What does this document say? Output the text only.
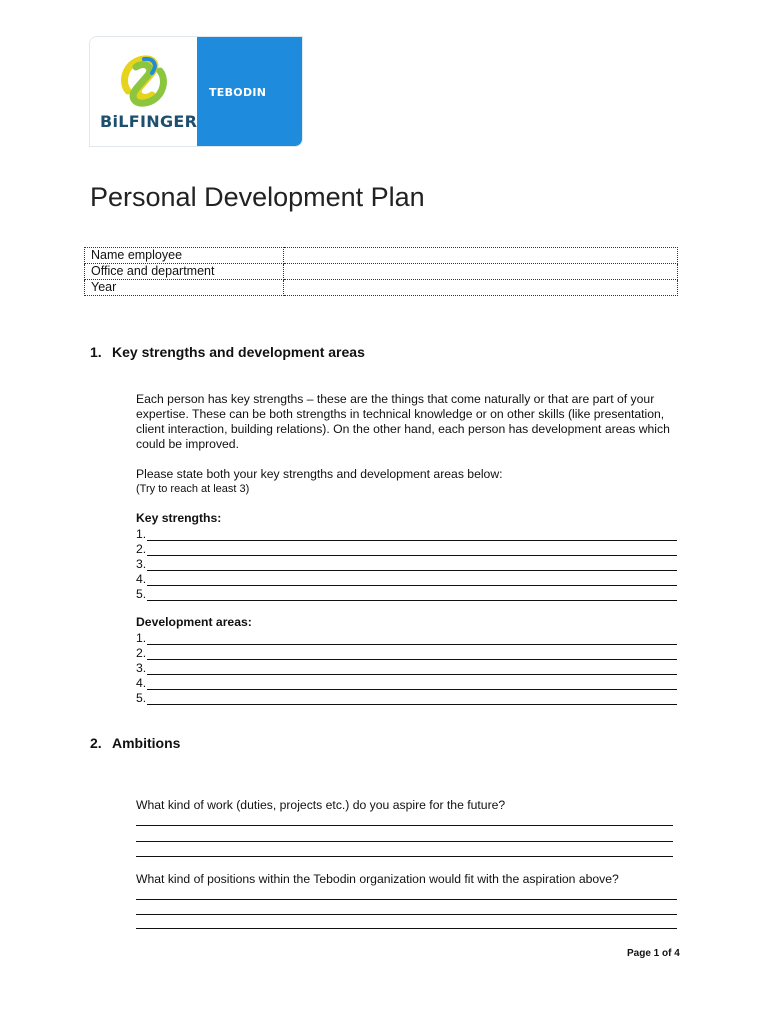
BiLFINGER
TEBODIN
Personal Development Plan
Name employee	
Office and department	
Year	
1. Key strengths and development areas

Each person has key strengths – these are the things that come naturally or that are part of your expertise. These can be both strengths in technical knowledge or on other skills (like presentation, client interaction, building relations). On the other hand, each person has development areas which could be improved.

Please state both your key strengths and development areas below:

(Try to reach at least 3)

Key strengths:

1.
2.
3.
4.
5.

Development areas:

1.
2.
3.
4.
5.
2. Ambitions

What kind of work (duties, projects etc.) do you aspire for the future?

What kind of positions within the Tebodin organization would fit with the aspiration above?

Page 1 of 4
